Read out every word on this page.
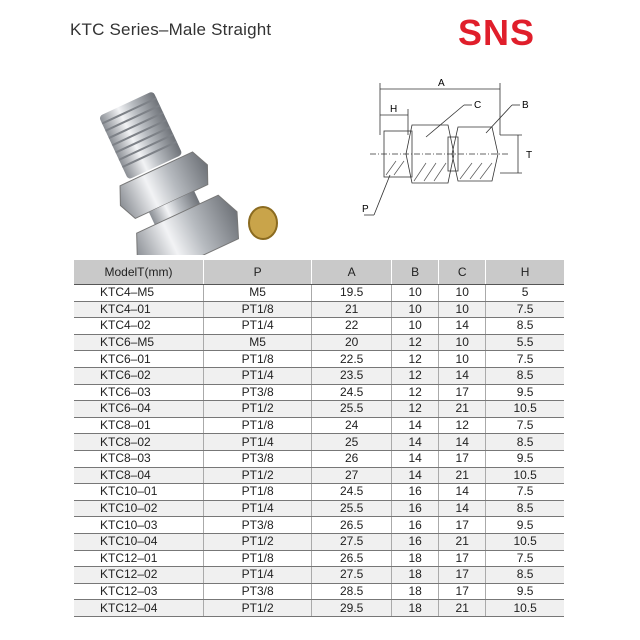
KTC Series–Male Straight	SNS
A
H	C	B
T
P
ModelT(mm)	P	A	B	C	H
KTC4–M5	M5	19.5	10	10	5
KTC4–01	PT1/8	21	10	10	7.5
KTC4–02	PT1/4	22	10	14	8.5
KTC6–M5	M5	20	12	10	5.5
KTC6–01	PT1/8	22.5	12	10	7.5
KTC6–02	PT1/4	23.5	12	14	8.5
KTC6–03	PT3/8	24.5	12	17	9.5
KTC6–04	PT1/2	25.5	12	21	10.5
KTC8–01	PT1/8	24	14	12	7.5
KTC8–02	PT1/4	25	14	14	8.5
KTC8–03	PT3/8	26	14	17	9.5
KTC8–04	PT1/2	27	14	21	10.5
KTC10–01	PT1/8	24.5	16	14	7.5
KTC10–02	PT1/4	25.5	16	14	8.5
KTC10–03	PT3/8	26.5	16	17	9.5
KTC10–04	PT1/2	27.5	16	21	10.5
KTC12–01	PT1/8	26.5	18	17	7.5
KTC12–02	PT1/4	27.5	18	17	8.5
KTC12–03	PT3/8	28.5	18	17	9.5
KTC12–04	PT1/2	29.5	18	21	10.5
